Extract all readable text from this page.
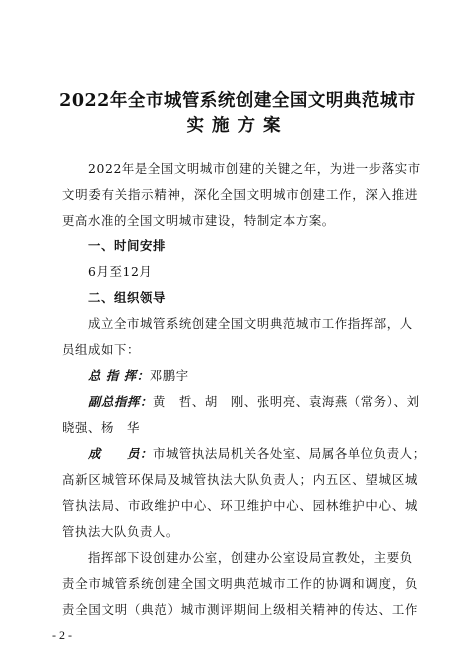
2022年全市城管系统创建全国文明典范城市
实施方案
2022年是全国文明城市创建的关键之年，为进一步落实市
文明委有关指示精神，深化全国文明城市创建工作，深入推进
更高水准的全国文明城市建设，特制定本方案。
一、时间安排
6月至12月
二、组织领导
成立全市城管系统创建全国文明典范城市工作指挥部，人
员组成如下：
总 指 挥：邓鹏宇
副总指挥：黄　哲、胡　刚、张明亮、袁海燕（常务）、刘
晓强、杨　华
成　　员：市城管执法局机关各处室、局属各单位负责人；
高新区城管环保局及城管执法大队负责人；内五区、望城区城
管执法局、市政维护中心、环卫维护中心、园林维护中心、城
管执法大队负责人。
指挥部下设创建办公室，创建办公室设局宣教处，主要负
责全市城管系统创建全国文明典范城市工作的协调和调度，负
责全国文明（典范）城市测评期间上级相关精神的传达、工作
- 2 -
